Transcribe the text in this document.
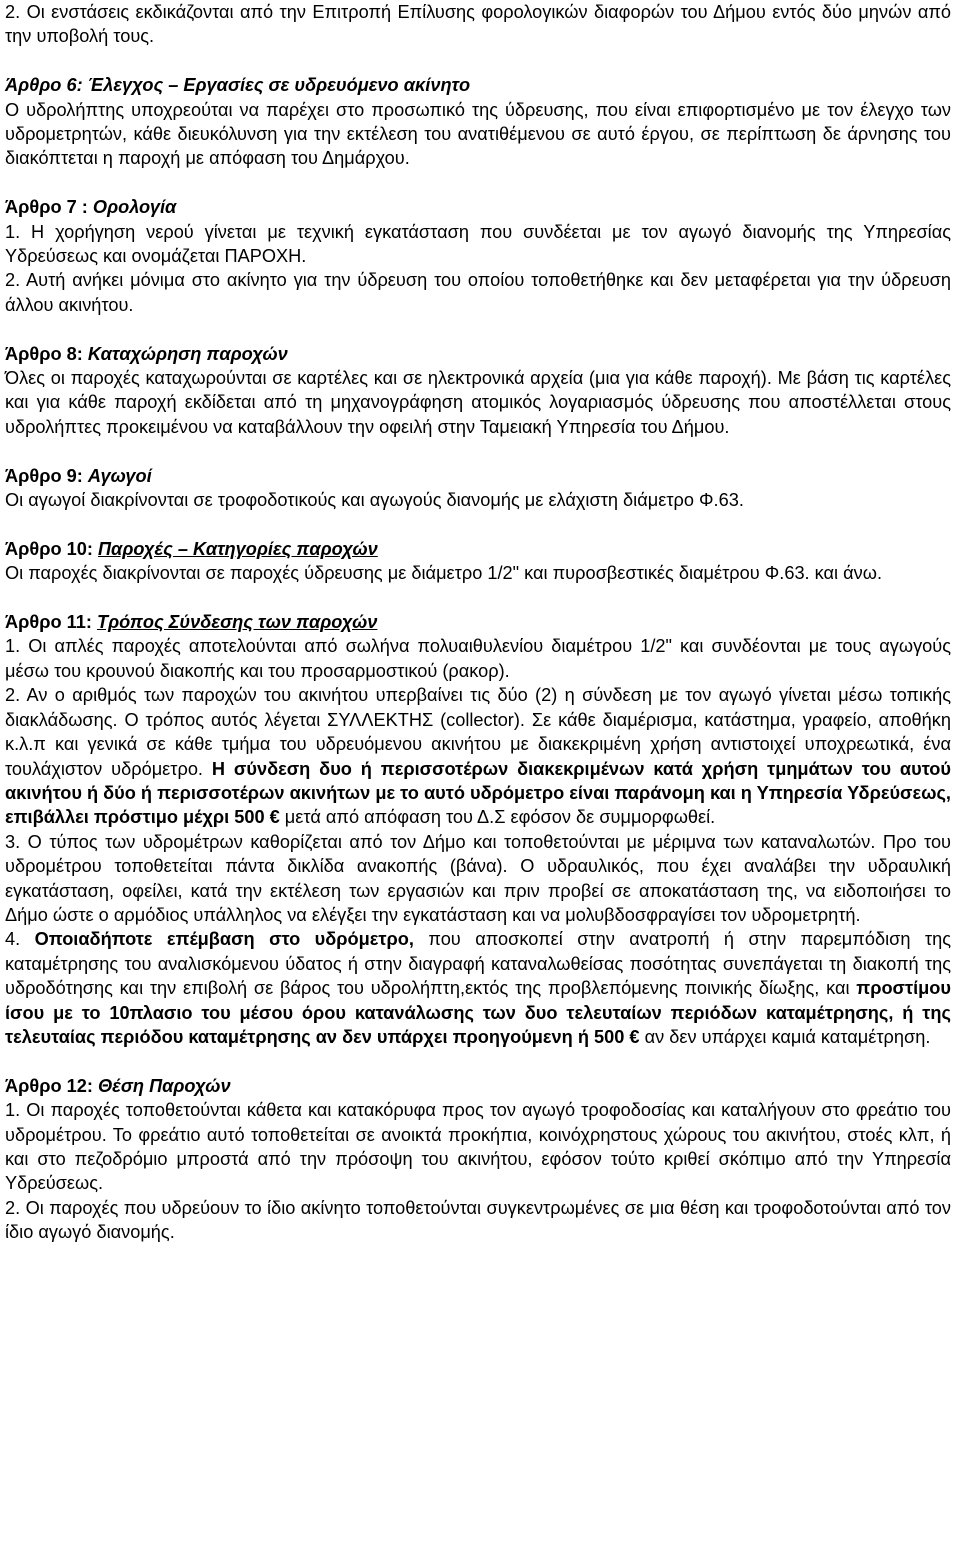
2. Οι ενστάσεις εκδικάζονται από την Επιτροπή Επίλυσης φορολογικών διαφορών του Δήμου εντός δύο μηνών από την υποβολή τους.

Άρθρο 6: Έλεγχος – Εργασίες σε υδρευόμενο ακίνητο

Ο υδρολήπτης υποχρεούται να παρέχει στο προσωπικό της ύδρευσης, που είναι επιφορτισμένο με τον έλεγχο των υδρομετρητών, κάθε διευκόλυνση για την εκτέλεση του ανατιθέμενου σε αυτό έργου, σε περίπτωση δε άρνησης του διακόπτεται η παροχή με απόφαση του Δημάρχου.

Άρθρο 7 : Ορολογία

1. Η χορήγηση νερού γίνεται με τεχνική εγκατάσταση που συνδέεται με τον αγωγό διανομής της Υπηρεσίας Υδρεύσεως και ονομάζεται ΠΑΡΟΧΗ.

2. Αυτή ανήκει μόνιμα στο ακίνητο για την ύδρευση του οποίου τοποθετήθηκε και δεν μεταφέρεται για την ύδρευση άλλου ακινήτου.

Άρθρο 8: Καταχώρηση παροχών

Όλες οι παροχές καταχωρούνται σε καρτέλες και σε ηλεκτρονικά αρχεία (μια για κάθε παροχή). Με βάση τις καρτέλες και για κάθε παροχή εκδίδεται από τη μηχανογράφηση ατομικός λογαριασμός ύδρευσης που αποστέλλεται στους υδρολήπτες προκειμένου να καταβάλλουν την οφειλή στην Ταμειακή Υπηρεσία του Δήμου.

Άρθρο 9: Αγωγοί

Οι αγωγοί διακρίνονται σε τροφοδοτικούς και αγωγούς διανομής με ελάχιστη διάμετρο Φ.63.

Άρθρο 10: Παροχές – Κατηγορίες παροχών

Οι παροχές διακρίνονται σε παροχές ύδρευσης με διάμετρο 1/2" και πυροσβεστικές διαμέτρου Φ.63. και άνω.

Άρθρο 11: Τρόπος Σύνδεσης των παροχών

1. Οι απλές παροχές αποτελούνται από σωλήνα πολυαιθυλενίου διαμέτρου 1/2" και συνδέονται με τους αγωγούς μέσω του κρουνού διακοπής και του προσαρμοστικού (ρακορ).

2. Αν ο αριθμός των παροχών του ακινήτου υπερβαίνει τις δύο (2) η σύνδεση με τον αγωγό γίνεται μέσω τοπικής διακλάδωσης. Ο τρόπος αυτός λέγεται ΣΥΛΛΕΚΤΗΣ (collector). Σε κάθε διαμέρισμα, κατάστημα, γραφείο, αποθήκη κ.λ.π και γενικά σε κάθε τμήμα του υδρευόμενου ακινήτου με διακεκριμένη χρήση αντιστοιχεί υποχρεωτικά, ένα τουλάχιστον υδρόμετρο. Η σύνδεση δυο ή περισσοτέρων διακεκριμένων κατά χρήση τμημάτων του αυτού ακινήτου ή δύο ή περισσοτέρων ακινήτων με το αυτό υδρόμετρο είναι παράνομη και η Υπηρεσία Υδρεύσεως, επιβάλλει πρόστιμο μέχρι 500 € μετά από απόφαση του Δ.Σ εφόσον δε συμμορφωθεί.

3. Ο τύπος των υδρομέτρων καθορίζεται από τον Δήμο και τοποθετούνται με μέριμνα των καταναλωτών. Προ του υδρομέτρου τοποθετείται πάντα δικλίδα ανακοπής (βάνα). Ο υδραυλικός, που έχει αναλάβει την υδραυλική εγκατάσταση, οφείλει, κατά την εκτέλεση των εργασιών και πριν προβεί σε αποκατάσταση της, να ειδοποιήσει το Δήμο ώστε ο αρμόδιος υπάλληλος να ελέγξει την εγκατάσταση και να μολυβδοσφραγίσει τον υδρομετρητή.

4. Οποιαδήποτε επέμβαση στο υδρόμετρο, που αποσκοπεί στην ανατροπή ή στην παρεμπόδιση της καταμέτρησης του αναλισκόμενου ύδατος ή στην διαγραφή καταναλωθείσας ποσότητας συνεπάγεται τη διακοπή της υδροδότησης και την επιβολή σε βάρος του υδρολήπτη,εκτός της προβλεπόμενης ποινικής δίωξης, και προστίμου ίσου με το 10πλασιο του μέσου όρου κατανάλωσης των δυο τελευταίων περιόδων καταμέτρησης, ή της τελευταίας περιόδου καταμέτρησης αν δεν υπάρχει προηγούμενη ή 500 € αν δεν υπάρχει καμιά καταμέτρηση.

Άρθρο 12: Θέση Παροχών

1. Οι παροχές τοποθετούνται κάθετα και κατακόρυφα προς τον αγωγό τροφοδοσίας και καταλήγουν στο φρεάτιο του υδρομέτρου. Το φρεάτιο αυτό τοποθετείται σε ανοικτά προκήπια, κοινόχρηστους χώρους του ακινήτου, στοές κλπ, ή και στο πεζοδρόμιο μπροστά από την πρόσοψη του ακινήτου, εφόσον τούτο κριθεί σκόπιμο από την Υπηρεσία Υδρεύσεως.

2. Οι παροχές που υδρεύουν το ίδιο ακίνητο τοποθετούνται συγκεντρωμένες σε μια θέση και τροφοδοτούνται από τον ίδιο αγωγό διανομής.
